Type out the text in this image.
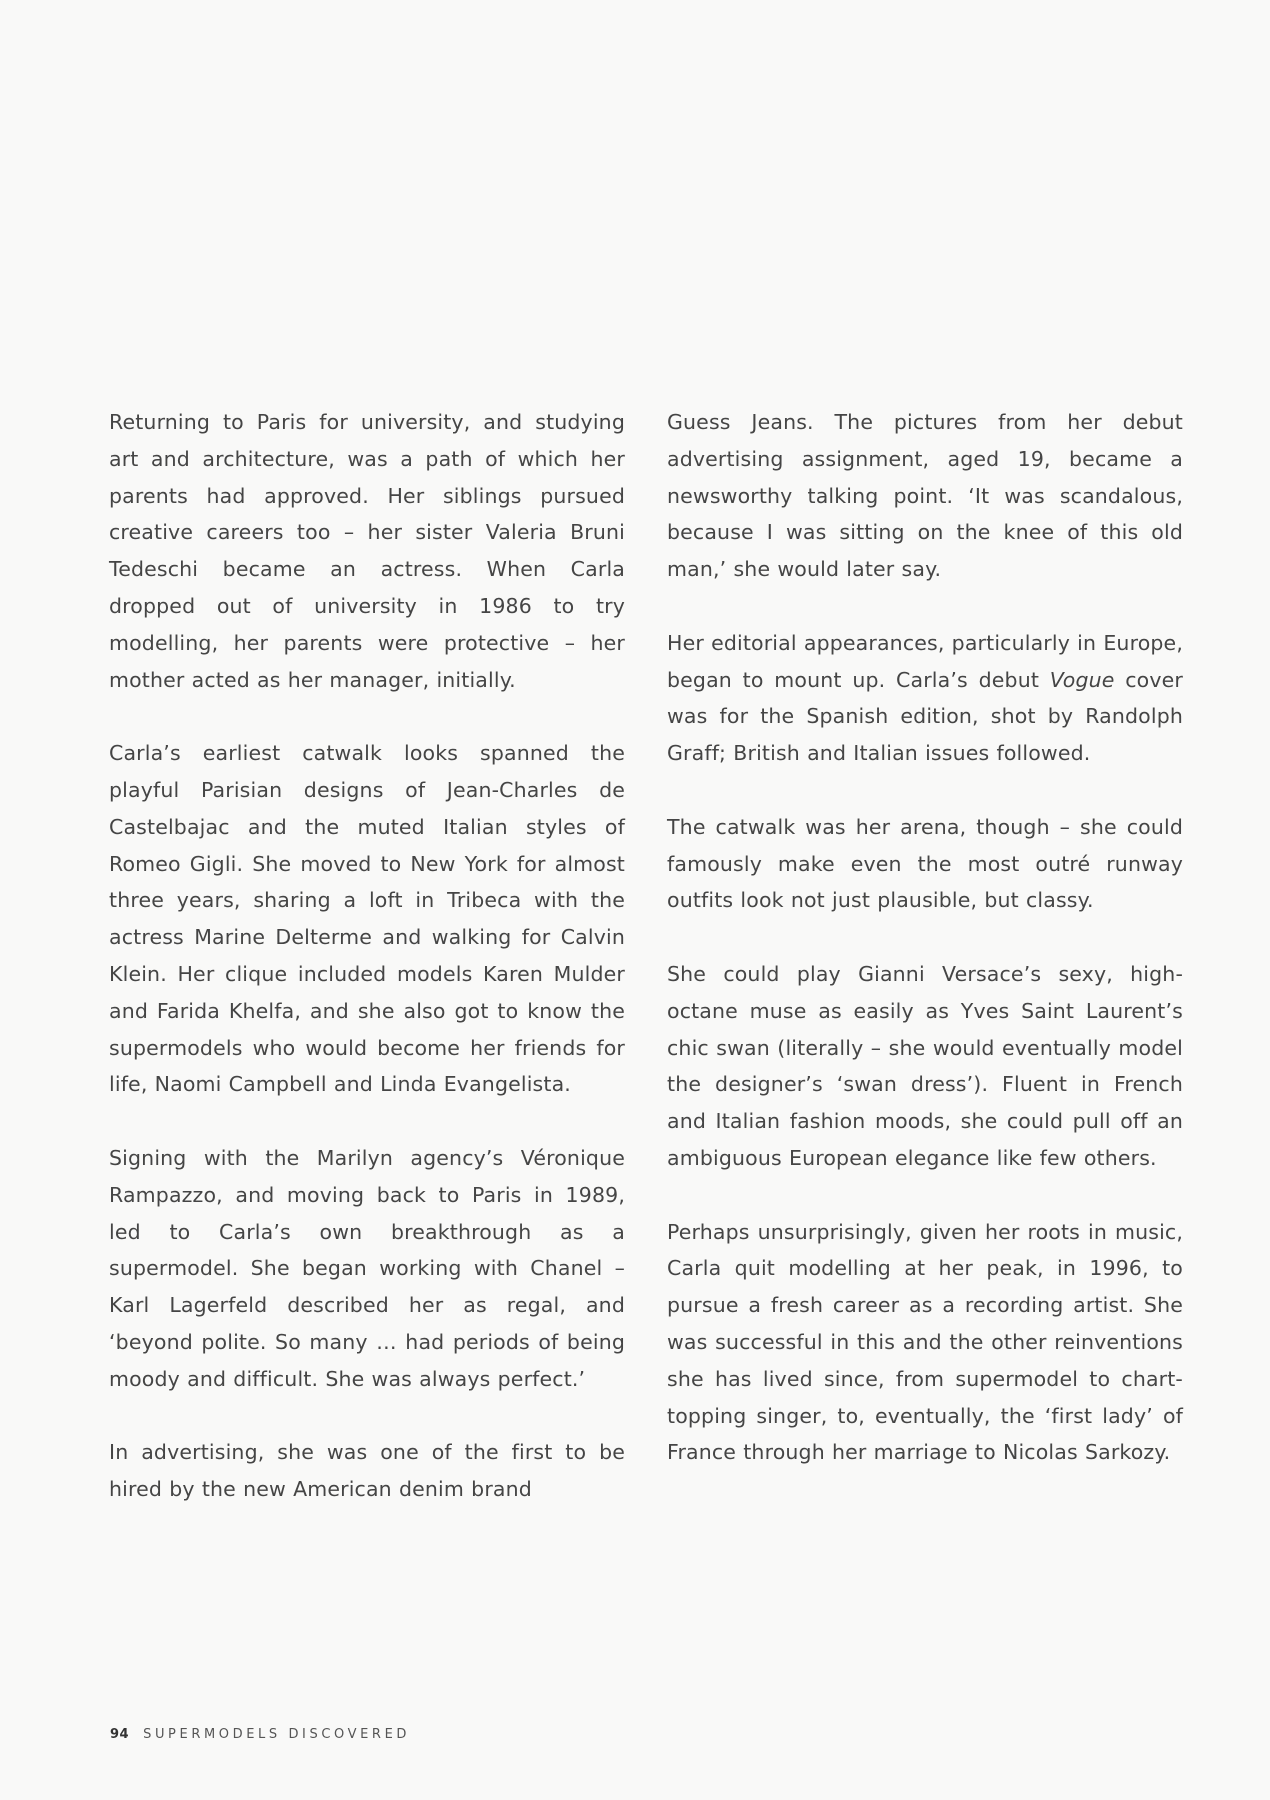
Returning to Paris for university, and studying art and architecture, was a path of which her parents had approved. Her siblings pursued creative careers too – her sister Valeria Bruni Tedeschi became an actress. When Carla dropped out of university in 1986 to try modelling, her parents were protective – her mother acted as her manager, initially.

Carla’s earliest catwalk looks spanned the playful Parisian designs of Jean-Charles de Castelbajac and the muted Italian styles of Romeo Gigli. She moved to New York for almost three years, sharing a loft in Tribeca with the actress Marine Delterme and walking for Calvin Klein. Her clique included models Karen Mulder and Farida Khelfa, and she also got to know the supermodels who would become her friends for life, Naomi Campbell and Linda Evangelista.

Signing with the Marilyn agency’s Véronique Rampazzo, and moving back to Paris in 1989, led to Carla’s own breakthrough as a supermodel. She began working with Chanel – Karl Lagerfeld described her as regal, and ‘beyond polite. So many … had periods of being moody and difficult. She was always perfect.’

In advertising, she was one of the first to be hired by the new American denim brand

Guess Jeans. The pictures from her debut advertising assignment, aged 19, became a newsworthy talking point. ‘It was scandalous, because I was sitting on the knee of this old man,’ she would later say.

Her editorial appearances, particularly in Europe, began to mount up. Carla’s debut Vogue cover was for the Spanish edition, shot by Randolph Graff; British and Italian issues followed.

The catwalk was her arena, though – she could famously make even the most outré runway outfits look not just plausible, but classy.

She could play Gianni Versace’s sexy, high-octane muse as easily as Yves Saint Laurent’s chic swan (literally – she would eventually model the designer’s ‘swan dress’). Fluent in French and Italian fashion moods, she could pull off an ambiguous European elegance like few others.

Perhaps unsurprisingly, given her roots in music, Carla quit modelling at her peak, in 1996, to pursue a fresh career as a recording artist. She was successful in this and the other reinventions she has lived since, from supermodel to chart-topping singer, to, eventually, the ‘first lady’ of France through her marriage to Nicolas Sarkozy.

94 SUPERMODELS DISCOVERED
